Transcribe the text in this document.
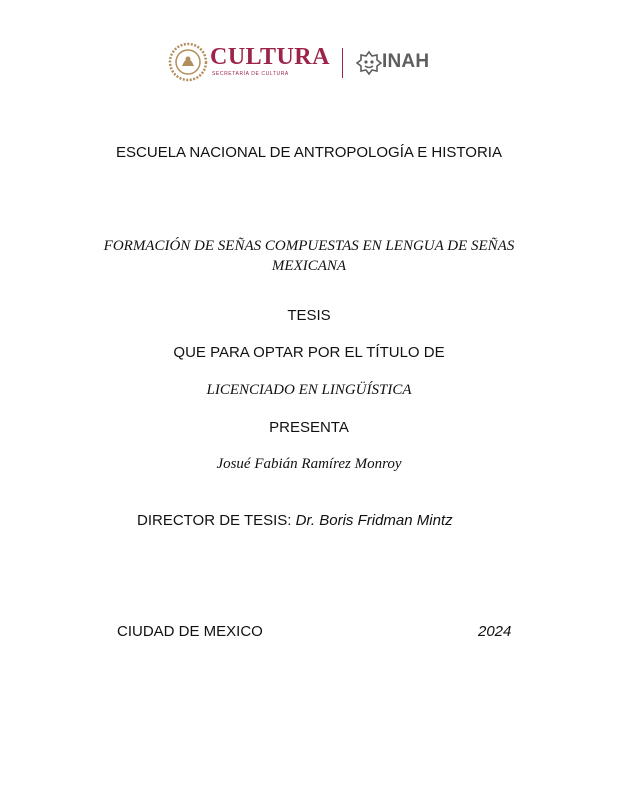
CULTURA
SECRETARÍA DE CULTURA
INAH
ESCUELA NACIONAL DE ANTROPOLOGÍA E HISTORIA
FORMACIÓN DE SEÑAS COMPUESTAS EN LENGUA DE SEÑAS
MEXICANA
TESIS
QUE PARA OPTAR POR EL TÍTULO DE
LICENCIADO EN LINGÜÍSTICA
PRESENTA
Josué Fabián Ramírez Monroy
DIRECTOR DE TESIS: Dr. Boris Fridman Mintz
CIUDAD DE MEXICO	2024
